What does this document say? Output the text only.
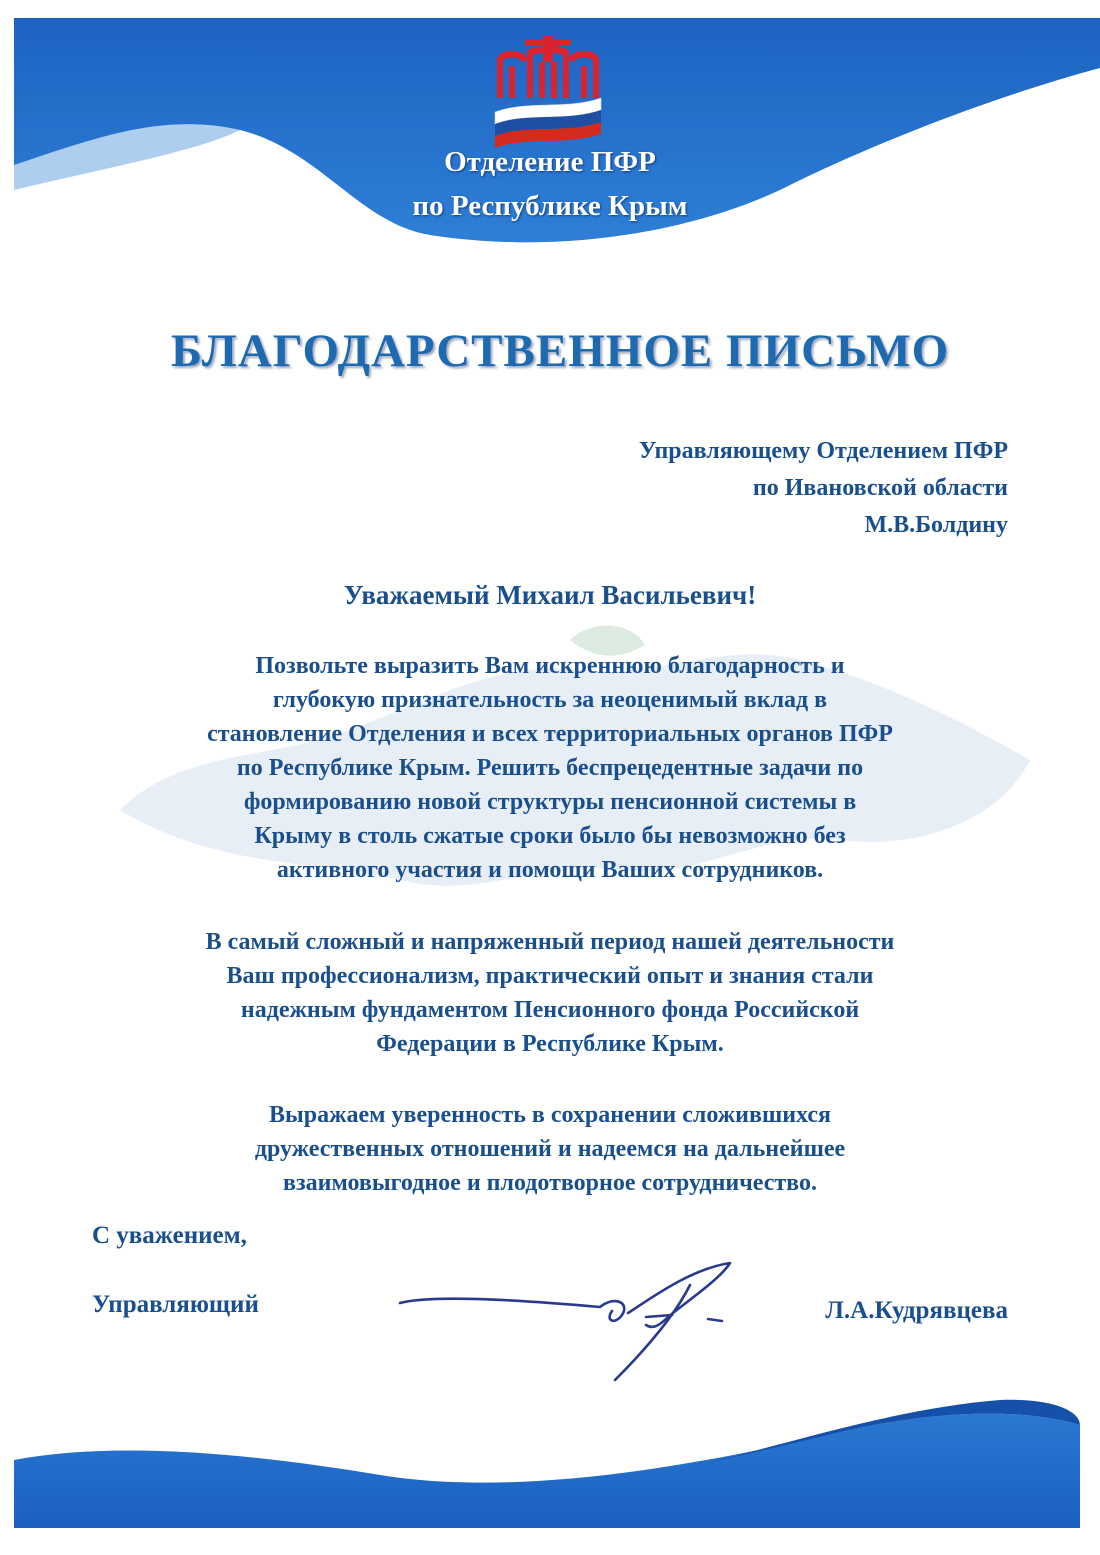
Отделение ПФР
по Республике Крым
БЛАГОДАРСТВЕННОЕ ПИСЬМО
Управляющему Отделением ПФР
по Ивановской области
М.В.Болдину
Уважаемый Михаил Васильевич!
Позвольте выразить Вам искреннюю благодарность и
глубокую признательность за неоценимый вклад в
становление Отделения и всех территориальных органов ПФР
по Республике Крым. Решить беспрецедентные задачи по
формированию новой структуры пенсионной системы в
Крыму в столь сжатые сроки было бы невозможно без
активного участия и помощи Ваших сотрудников.
В самый сложный и напряженный период нашей деятельности
Ваш профессионализм, практический опыт и знания стали
надежным фундаментом Пенсионного фонда Российской
Федерации в Республике Крым.
Выражаем уверенность в сохранении сложившихся
дружественных отношений и надеемся на дальнейшее
взаимовыгодное и плодотворное сотрудничество.
С уважением,
Управляющий	Л.А.Кудрявцева
